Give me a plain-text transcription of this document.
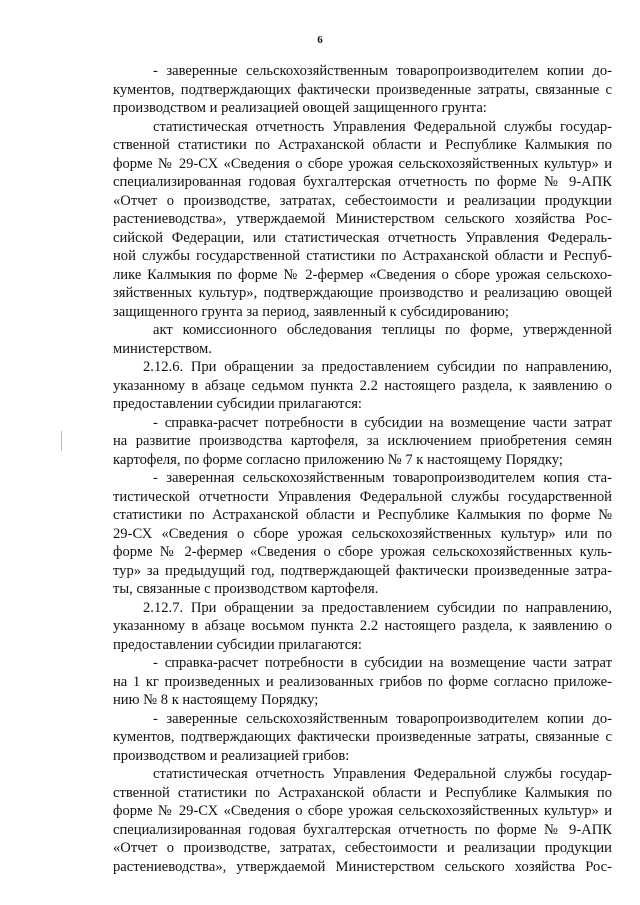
6
- заверенные сельскохозяйственным товаропроизводителем копии до-
кументов, подтверждающих фактически произведенные затраты, связанные с
производством и реализацией овощей защищенного грунта:
статистическая отчетность Управления Федеральной службы государ-
ственной статистики по Астраханской области и Республике Калмыкия по
форме № 29-СХ «Сведения о сборе урожая сельскохозяйственных культур» и
специализированная годовая бухгалтерская отчетность по форме № 9-АПК
«Отчет о производстве, затратах, себестоимости и реализации продукции
растениеводства», утверждаемой Министерством сельского хозяйства Рос-
сийской Федерации, или статистическая отчетность Управления Федераль-
ной службы государственной статистики по Астраханской области и Респуб-
лике Калмыкия по форме № 2-фермер «Сведения о сборе урожая сельскохо-
зяйственных культур», подтверждающие производство и реализацию овощей
защищенного грунта за период, заявленный к субсидированию;
акт комиссионного обследования теплицы по форме, утвержденной
министерством.
2.12.6. При обращении за предоставлением субсидии по направлению,
указанному в абзаце седьмом пункта 2.2 настоящего раздела, к заявлению о
предоставлении субсидии прилагаются:
- справка-расчет потребности в субсидии на возмещение части затрат
на развитие производства картофеля, за исключением приобретения семян
картофеля, по форме согласно приложению № 7 к настоящему Порядку;
- заверенная сельскохозяйственным товаропроизводителем копия ста-
тистической отчетности Управления Федеральной службы государственной
статистики по Астраханской области и Республике Калмыкия по форме №
29-СХ «Сведения о сборе урожая сельскохозяйственных культур» или по
форме № 2-фермер «Сведения о сборе урожая сельскохозяйственных куль-
тур» за предыдущий год, подтверждающей фактически произведенные затра-
ты, связанные с производством картофеля.
2.12.7. При обращении за предоставлением субсидии по направлению,
указанному в абзаце восьмом пункта 2.2 настоящего раздела, к заявлению о
предоставлении субсидии прилагаются:
- справка-расчет потребности в субсидии на возмещение части затрат
на 1 кг произведенных и реализованных грибов по форме согласно приложе-
нию № 8 к настоящему Порядку;
- заверенные сельскохозяйственным товаропроизводителем копии до-
кументов, подтверждающих фактически произведенные затраты, связанные с
производством и реализацией грибов:
статистическая отчетность Управления Федеральной службы государ-
ственной статистики по Астраханской области и Республике Калмыкия по
форме № 29-СХ «Сведения о сборе урожая сельскохозяйственных культур» и
специализированная годовая бухгалтерская отчетность по форме № 9-АПК
«Отчет о производстве, затратах, себестоимости и реализации продукции
растениеводства», утверждаемой Министерством сельского хозяйства Рос-
